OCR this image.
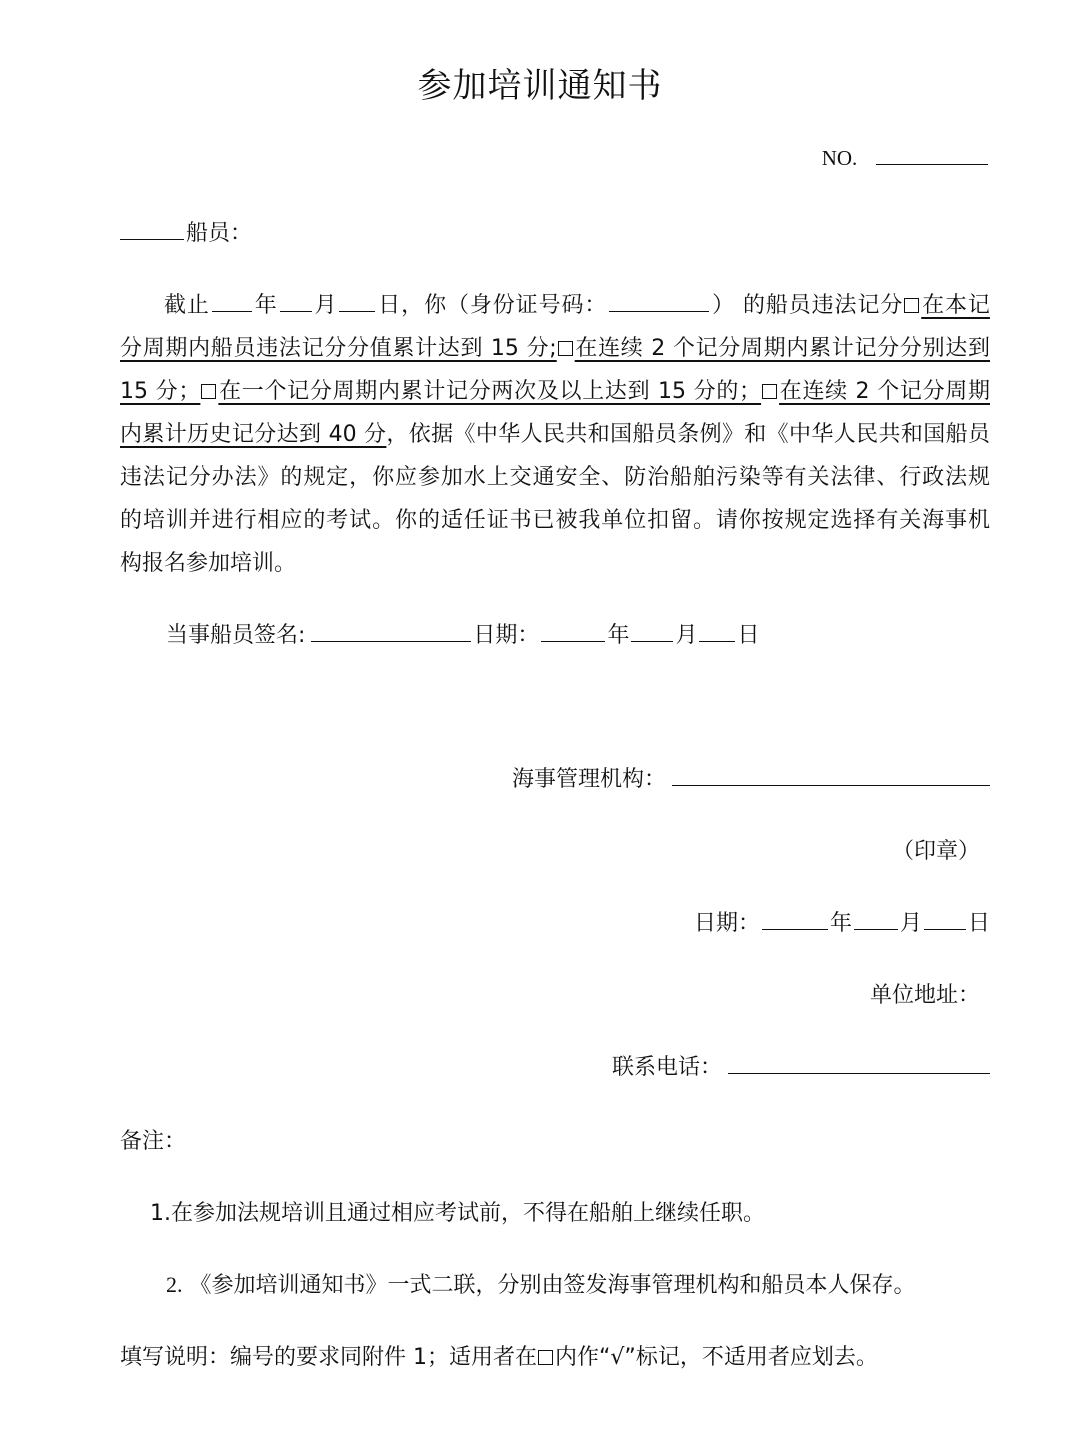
参加培训通知书
NO.
船员：

截止 年 月 日，你（身份证号码：	） 的船员违法记分 在本记

分周期内船员违法记分分值累计达到 15 分; 在连续 2 个记分周期内累计记分分别达到

15 分； 在一个记分周期内累计记分两次及以上达到 15 分的； 在连续 2 个记分周期

内累计历史记分达到 40 分，依据《中华人民共和国船员条例》和《中华人民共和国船员

违法记分办法》的规定，你应参加水上交通安全、防治船舶污染等有关法律、行政法规

的培训并进行相应的考试。你的适任证书已被我单位扣留。请你按规定选择有关海事机

构报名参加培训。

当事船员签名:	日期：	年 月 日
海事管理机构：
（印章）
日期：	年 月 日
单位地址：
联系电话：
备注：
1.在参加法规培训且通过相应考试前，不得在船舶上继续任职。
2. 《参加培训通知书》一式二联，分别由签发海事管理机构和船员本人保存。
填写说明：编号的要求同附件 1；适用者在 内作“√”标记，不适用者应划去。
